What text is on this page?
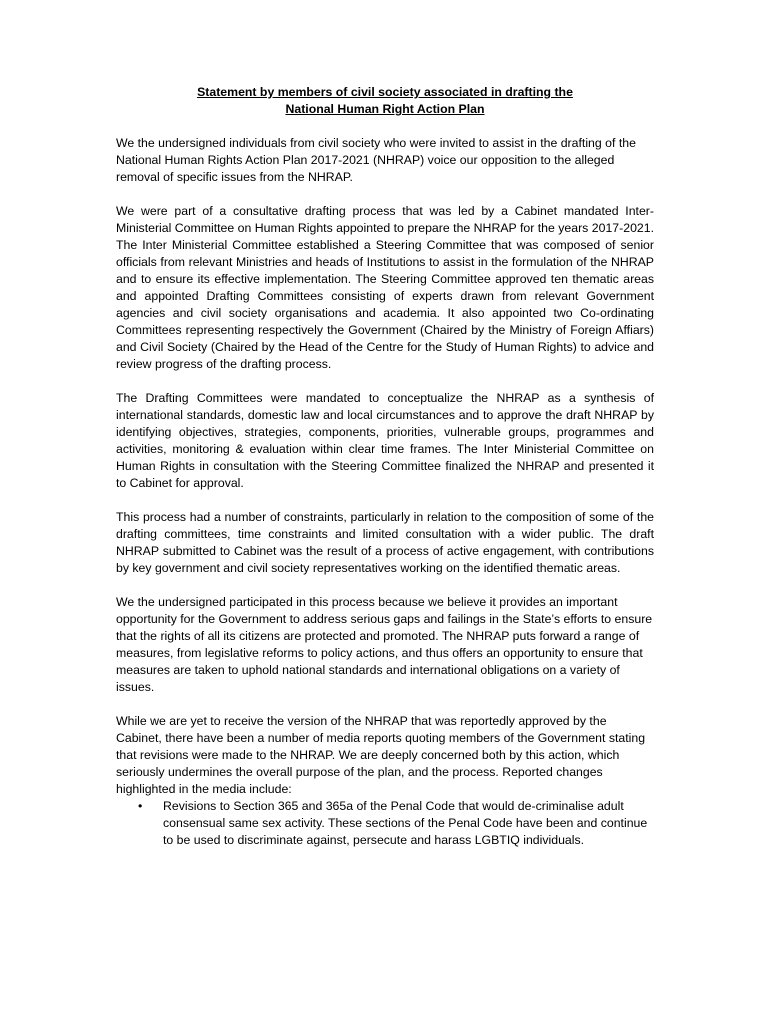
Statement by members of civil society associated in drafting the
National Human Right Action Plan

We the undersigned individuals from civil society who were invited to assist in the drafting of the National Human Rights Action Plan 2017-2021 (NHRAP) voice our opposition to the alleged removal of specific issues from the NHRAP.

We were part of a consultative drafting process that was led by a Cabinet mandated Inter-Ministerial Committee on Human Rights appointed to prepare the NHRAP for the years 2017-2021. The Inter Ministerial Committee established a Steering Committee that was composed of senior officials from relevant Ministries and heads of Institutions to assist in the formulation of the NHRAP and to ensure its effective implementation. The Steering Committee approved ten thematic areas and appointed Drafting Committees consisting of experts drawn from relevant Government agencies and civil society organisations and academia. It also appointed two Co-ordinating Committees representing respectively the Government (Chaired by the Ministry of Foreign Affiars) and Civil Society (Chaired by the Head of the Centre for the Study of Human Rights) to advice and review progress of the drafting process.

The Drafting Committees were mandated to conceptualize the NHRAP as a synthesis of international standards, domestic law and local circumstances and to approve the draft NHRAP by identifying objectives, strategies, components, priorities, vulnerable groups, programmes and activities, monitoring & evaluation within clear time frames. The Inter Ministerial Committee on Human Rights in consultation with the Steering Committee finalized the NHRAP and presented it to Cabinet for approval.

This process had a number of constraints, particularly in relation to the composition of some of the drafting committees, time constraints and limited consultation with a wider public. The draft NHRAP submitted to Cabinet was the result of a process of active engagement, with contributions by key government and civil society representatives working on the identified thematic areas.

We the undersigned participated in this process because we believe it provides an important opportunity for the Government to address serious gaps and failings in the State’s efforts to ensure that the rights of all its citizens are protected and promoted. The NHRAP puts forward a range of measures, from legislative reforms to policy actions, and thus offers an opportunity to ensure that measures are taken to uphold national standards and international obligations on a variety of issues.

While we are yet to receive the version of the NHRAP that was reportedly approved by the Cabinet, there have been a number of media reports quoting members of the Government stating that revisions were made to the NHRAP. We are deeply concerned both by this action, which seriously undermines the overall purpose of the plan, and the process. Reported changes highlighted in the media include:

• Revisions to Section 365 and 365a of the Penal Code that would de-criminalise adult consensual same sex activity. These sections of the Penal Code have been and continue to be used to discriminate against, persecute and harass LGBTIQ individuals.
